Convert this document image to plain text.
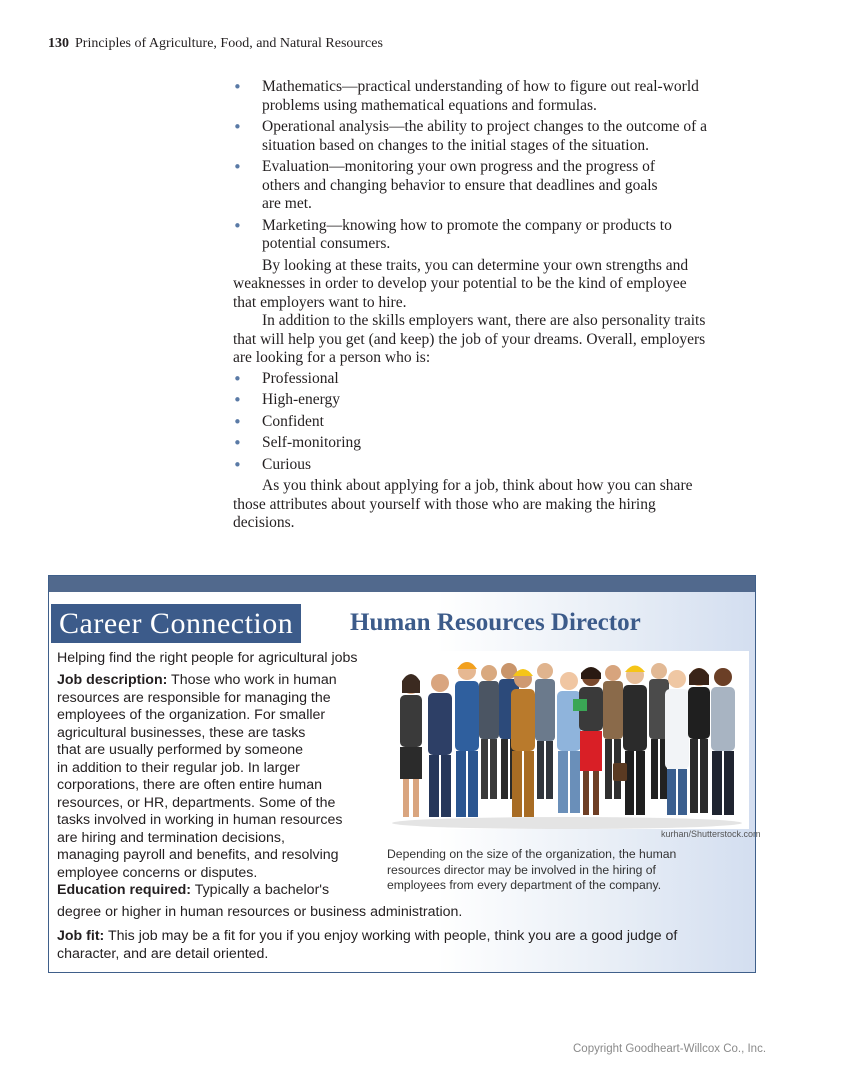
130 Principles of Agriculture, Food, and Natural Resources
• Mathematics—practical understanding of how to figure out real-world
problems using mathematical equations and formulas.
• Operational analysis—the ability to project changes to the outcome of a
situation based on changes to the initial stages of the situation.
• Evaluation—monitoring your own progress and the progress of
others and changing behavior to ensure that deadlines and goals
are met.
• Marketing—knowing how to promote the company or products to
potential consumers.

By looking at these traits, you can determine your own strengths and
weaknesses in order to develop your potential to be the kind of employee
that employers want to hire.

In addition to the skills employers want, there are also personality traits
that will help you get (and keep) the job of your dreams. Overall, employers
are looking for a person who is:

• Professional
• High-energy
• Confident
• Self-monitoring
• Curious

As you think about applying for a job, think about how you can share
those attributes about yourself with those who are making the hiring
decisions.

Career Connection	Human Resources Director
Helping find the right people for agricultural jobs
Job description: Those who work in human
resources are responsible for managing the
employees of the organization. For smaller
agricultural businesses, these are tasks
that are usually performed by someone
in addition to their regular job. In larger
corporations, there are often entire human
resources, or HR, departments. Some of the
tasks involved in working in human resources
are hiring and termination decisions,
managing payroll and benefits, and resolving
employee concerns or disputes.
Education required: Typically a bachelor's
degree or higher in human resources or business administration.
Job fit: This job may be a fit for you if you enjoy working with people, think you are a good judge of
character, and are detail oriented.
kurhan/Shutterstock.com
Depending on the size of the organization, the human
resources director may be involved in the hiring of
employees from every department of the company.
Copyright Goodheart-Willcox Co., Inc.
